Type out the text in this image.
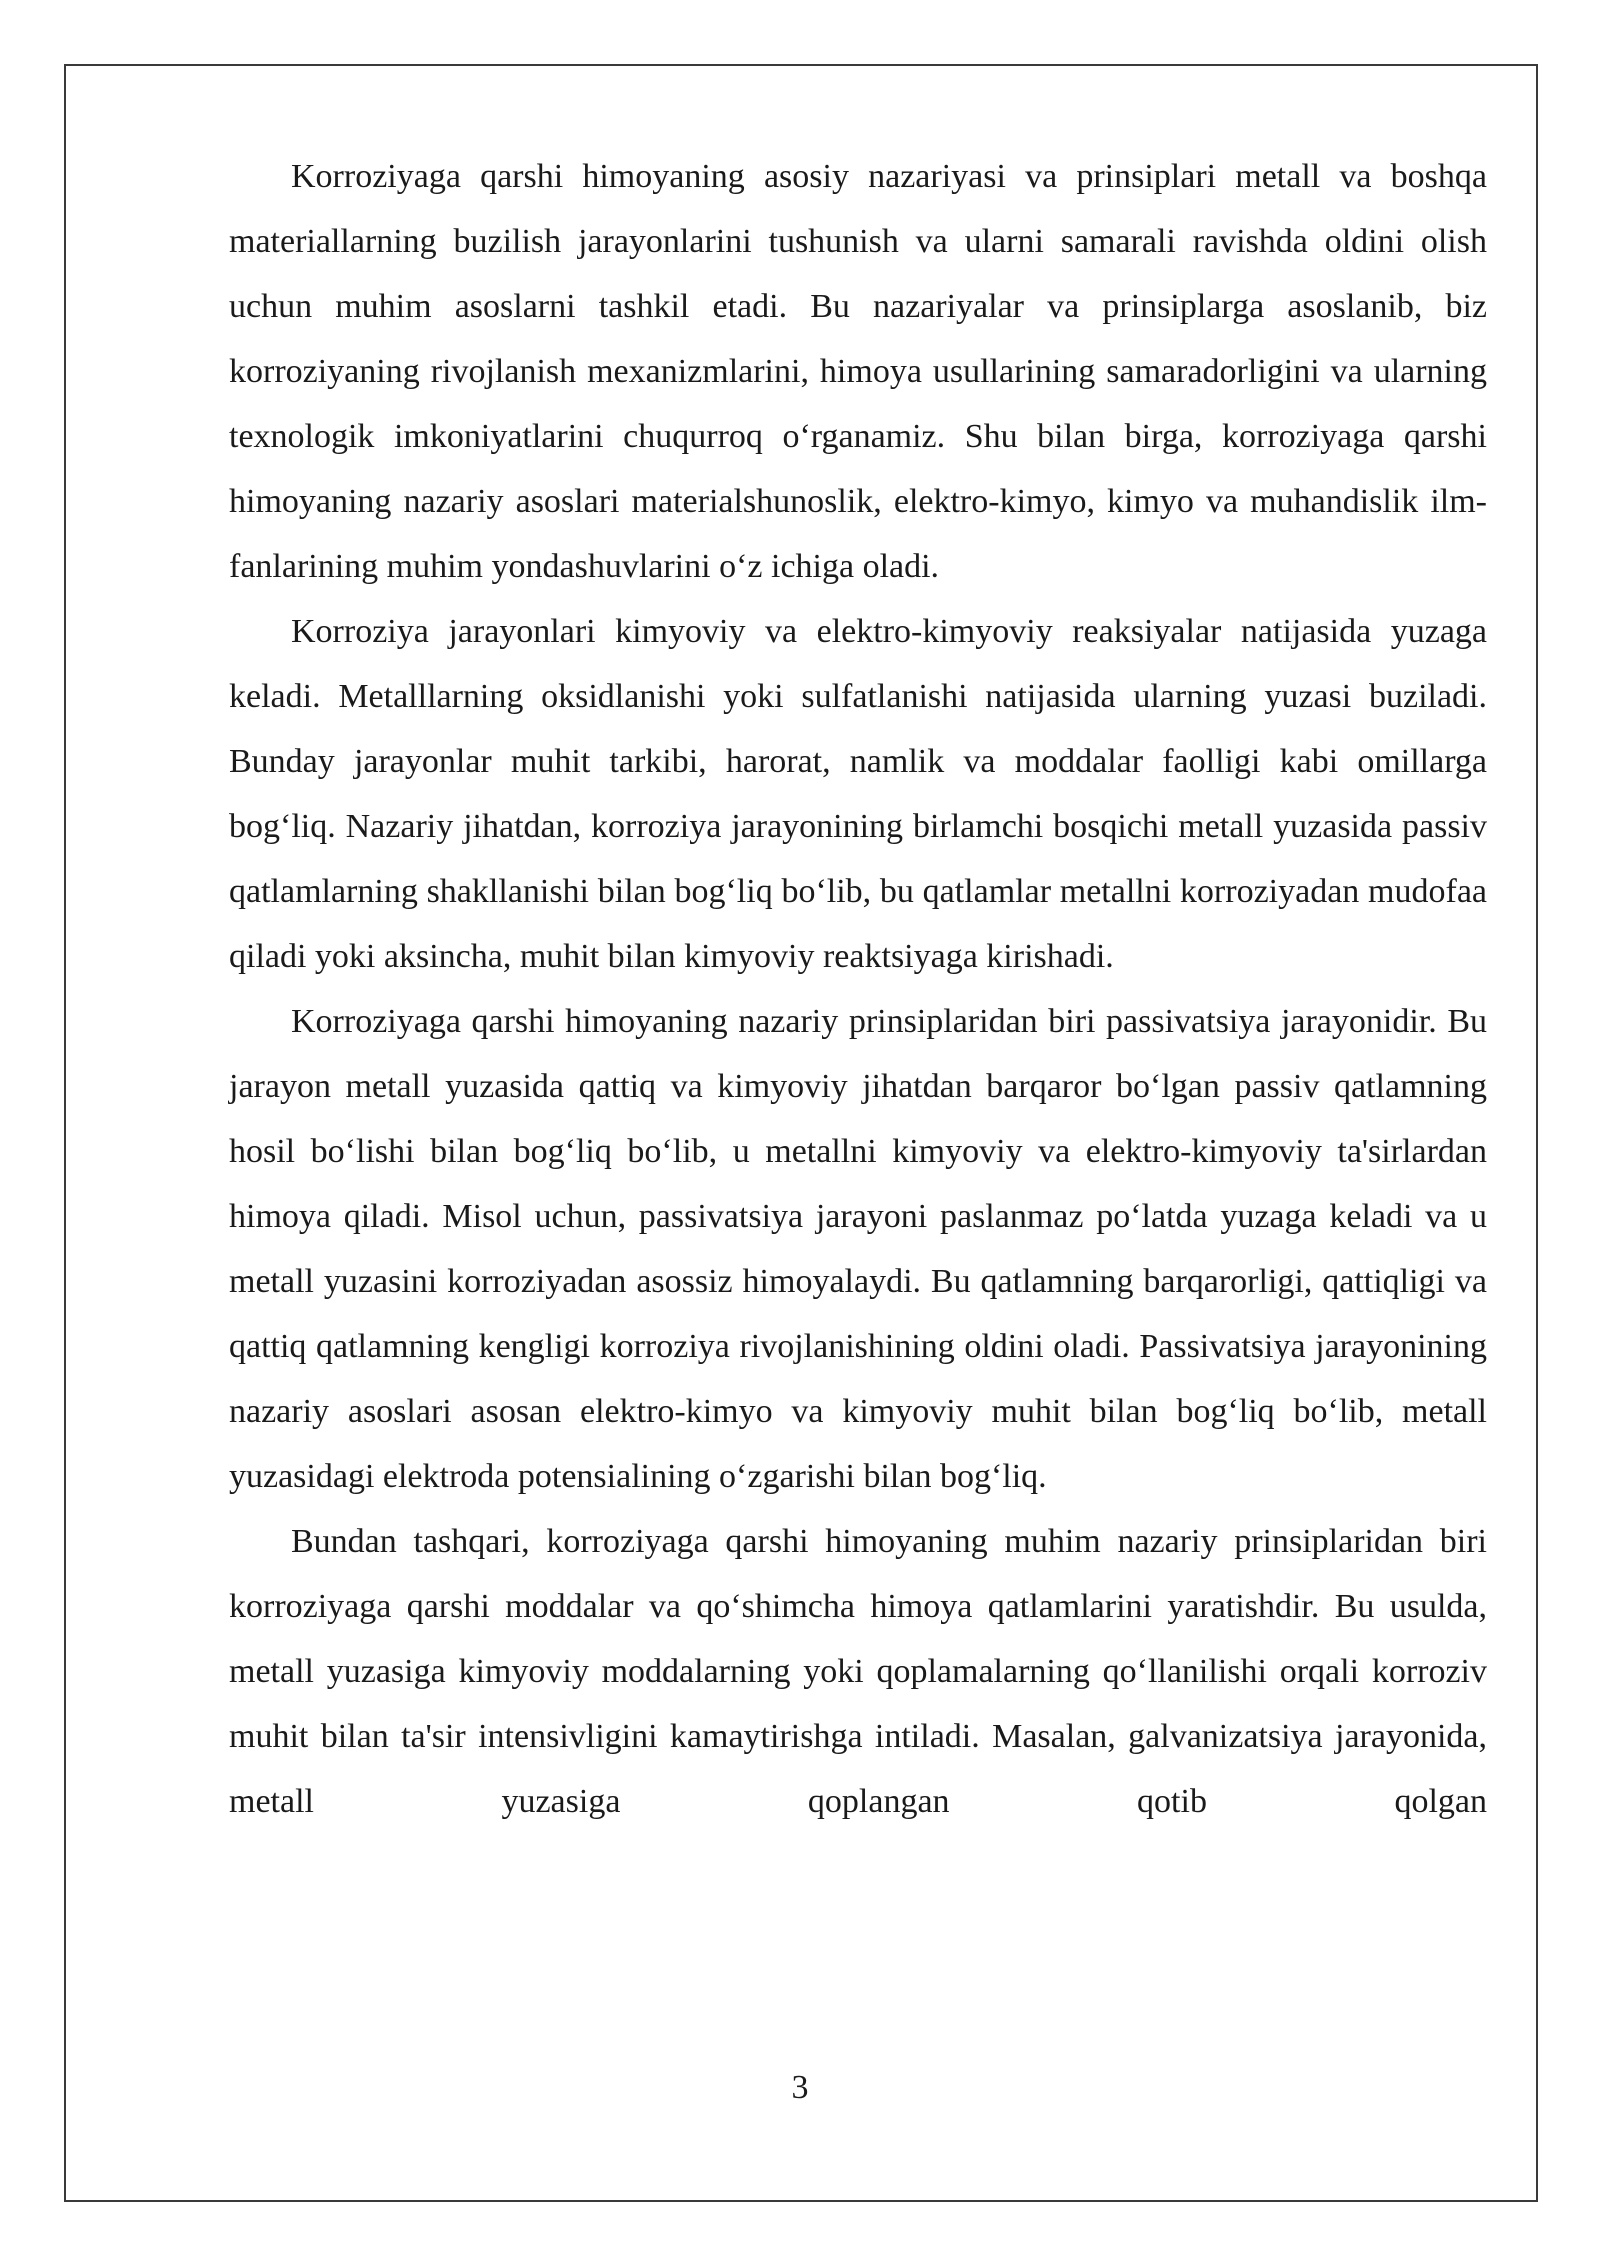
Korroziyaga qarshi himoyaning asosiy nazariyasi va prinsiplari metall va boshqa materiallarning buzilish jarayonlarini tushunish va ularni samarali ravishda oldini olish uchun muhim asoslarni tashkil etadi. Bu nazariyalar va prinsiplarga asoslanib, biz korroziyaning rivojlanish mexanizmlarini, himoya usullarining samaradorligini va ularning texnologik imkoniyatlarini chuqurroq o‘rganamiz. Shu bilan birga, korroziyaga qarshi himoyaning nazariy asoslari materialshunoslik, elektro-kimyo, kimyo va muhandislik ilm-fanlarining muhim yondashuvlarini o‘z ichiga oladi.

Korroziya jarayonlari kimyoviy va elektro-kimyoviy reaksiyalar natijasida yuzaga keladi. Metalllarning oksidlanishi yoki sulfatlanishi natijasida ularning yuzasi buziladi. Bunday jarayonlar muhit tarkibi, harorat, namlik va moddalar faolligi kabi omillarga bog‘liq. Nazariy jihatdan, korroziya jarayonining birlamchi bosqichi metall yuzasida passiv qatlamlarning shakllanishi bilan bog‘liq bo‘lib, bu qatlamlar metallni korroziyadan mudofaa qiladi yoki aksincha, muhit bilan kimyoviy reaktsiyaga kirishadi.

Korroziyaga qarshi himoyaning nazariy prinsiplaridan biri passivatsiya jarayonidir. Bu jarayon metall yuzasida qattiq va kimyoviy jihatdan barqaror bo‘lgan passiv qatlamning hosil bo‘lishi bilan bog‘liq bo‘lib, u metallni kimyoviy va elektro-kimyoviy ta'sirlardan himoya qiladi. Misol uchun, passivatsiya jarayoni paslanmaz po‘latda yuzaga keladi va u metall yuzasini korroziyadan asossiz himoyalaydi. Bu qatlamning barqarorligi, qattiqligi va qattiq qatlamning kengligi korroziya rivojlanishining oldini oladi. Passivatsiya jarayonining nazariy asoslari asosan elektro-kimyo va kimyoviy muhit bilan bog‘liq bo‘lib, metall yuzasidagi elektroda potensialining o‘zgarishi bilan bog‘liq.

Bundan tashqari, korroziyaga qarshi himoyaning muhim nazariy prinsiplaridan biri korroziyaga qarshi moddalar va qo‘shimcha himoya qatlamlarini yaratishdir. Bu usulda, metall yuzasiga kimyoviy moddalarning yoki qoplamalarning qo‘llanilishi orqali korroziv muhit bilan ta'sir intensivligini kamaytirishga intiladi. Masalan, galvanizatsiya jarayonida, metall yuzasiga qoplangan qotib qolgan

3
